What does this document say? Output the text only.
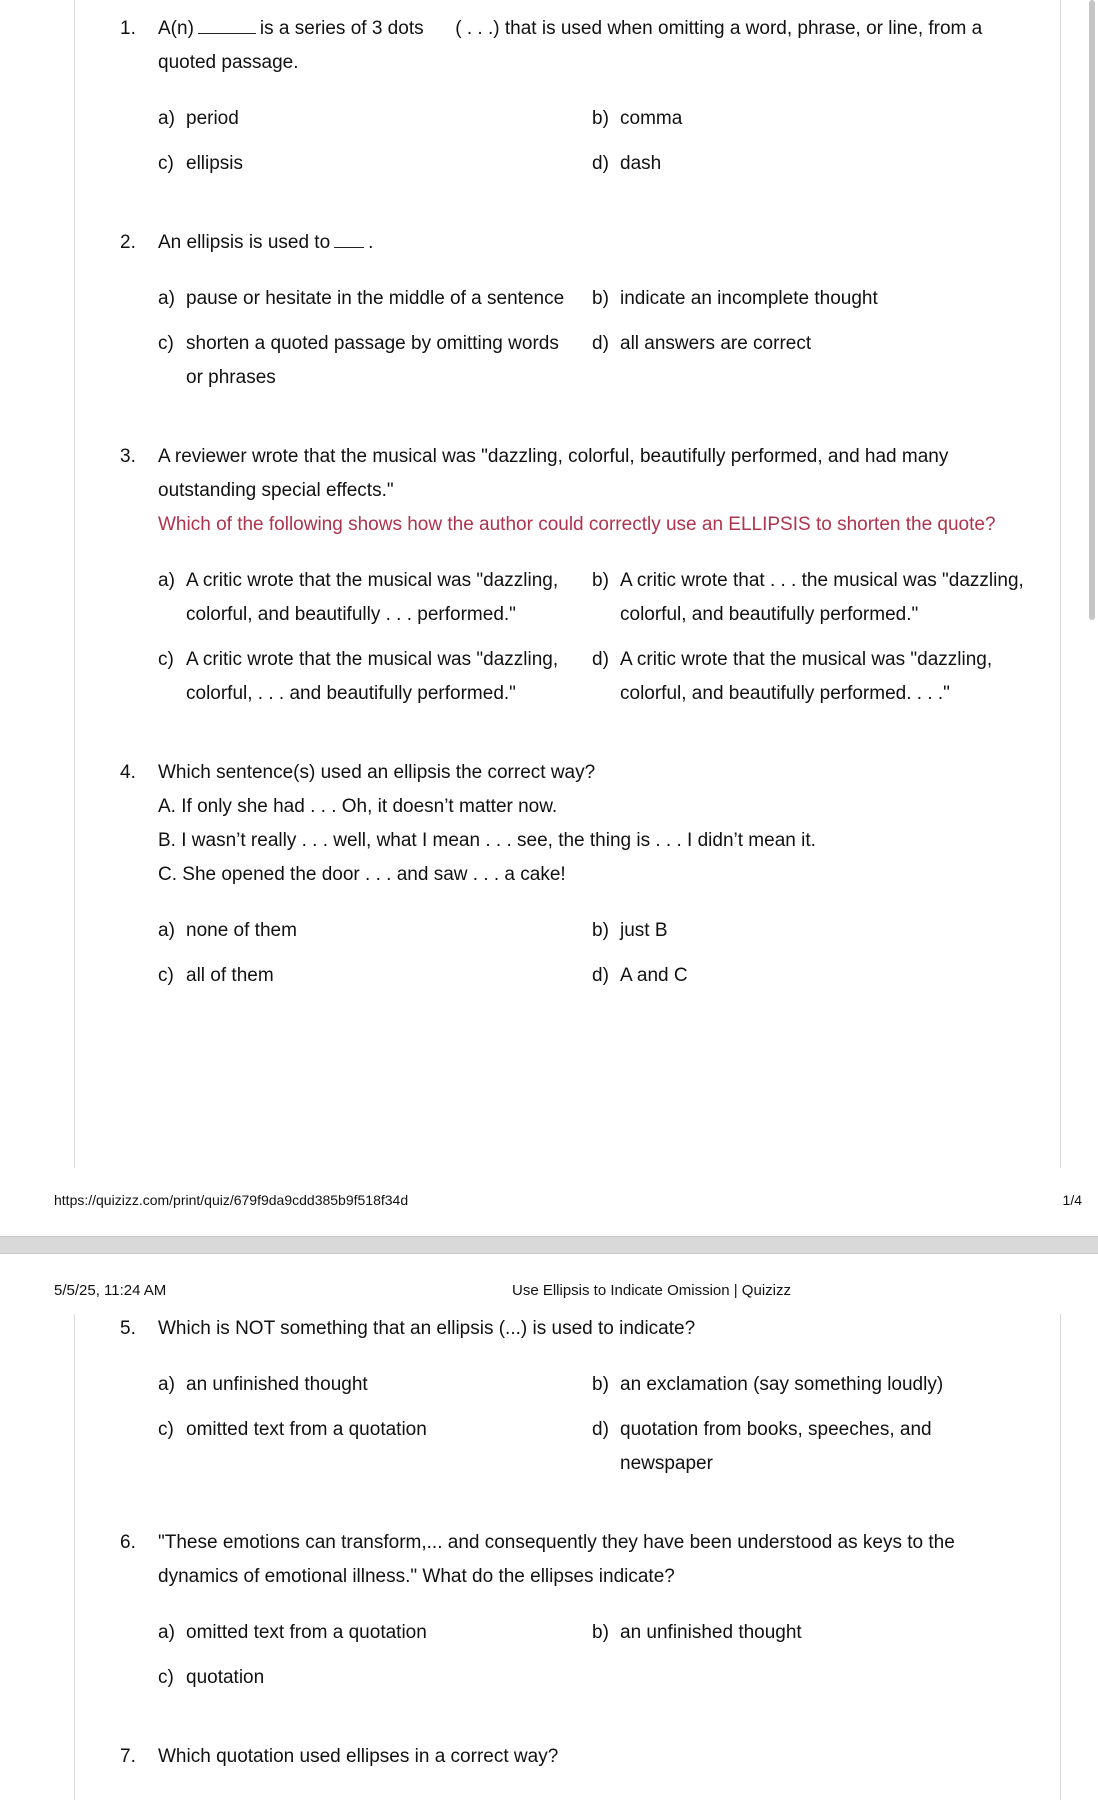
1.	A(n)	is a series of 3 dots      ( . . .) that is used when omitting a word, phrase, or line, from a quoted passage.
a) period	b) comma
c) ellipsis	d) dash
2.	An ellipsis is used to .
a) pause or hesitate in the middle of a sentence	b) indicate an incomplete thought
c) shorten a quoted passage by omitting words or phrases
d) all answers are correct
3.	A reviewer wrote that the musical was "dazzling, colorful, beautifully performed, and had many outstanding special effects."
Which of the following shows how the author could correctly use an ELLIPSIS to shorten the quote?
a) A critic wrote that the musical was "dazzling, colorful, and beautifully . . . performed."
b) A critic wrote that . . . the musical was "dazzling, colorful, and beautifully performed."
c) A critic wrote that the musical was "dazzling, colorful, . . . and beautifully performed."
d) A critic wrote that the musical was "dazzling, colorful, and beautifully performed. . . ."
4.	Which sentence(s) used an ellipsis the correct way?
A. If only she had . . . Oh, it doesn’t matter now.
B. I wasn’t really . . . well, what I mean . . . see, the thing is . . . I didn’t mean it.
C. She opened the door . . . and saw . . . a cake!
a) none of them	b) just B
c) all of them	d) A and C
https://quizizz.com/print/quiz/679f9da9cdd385b9f518f34d	1/4
5/5/25, 11:24 AM	Use Ellipsis to Indicate Omission | Quizizz
5.	Which is NOT something that an ellipsis (...) is used to indicate?
a) an unfinished thought	b) an exclamation (say something loudly)
c) omitted text from a quotation	d) quotation from books, speeches, and newspaper
6.	"These emotions can transform,... and consequently they have been understood as keys to the dynamics of emotional illness." What do the ellipses indicate?
a) omitted text from a quotation	b) an unfinished thought
c) quotation
7.	Which quotation used ellipses in a correct way?
